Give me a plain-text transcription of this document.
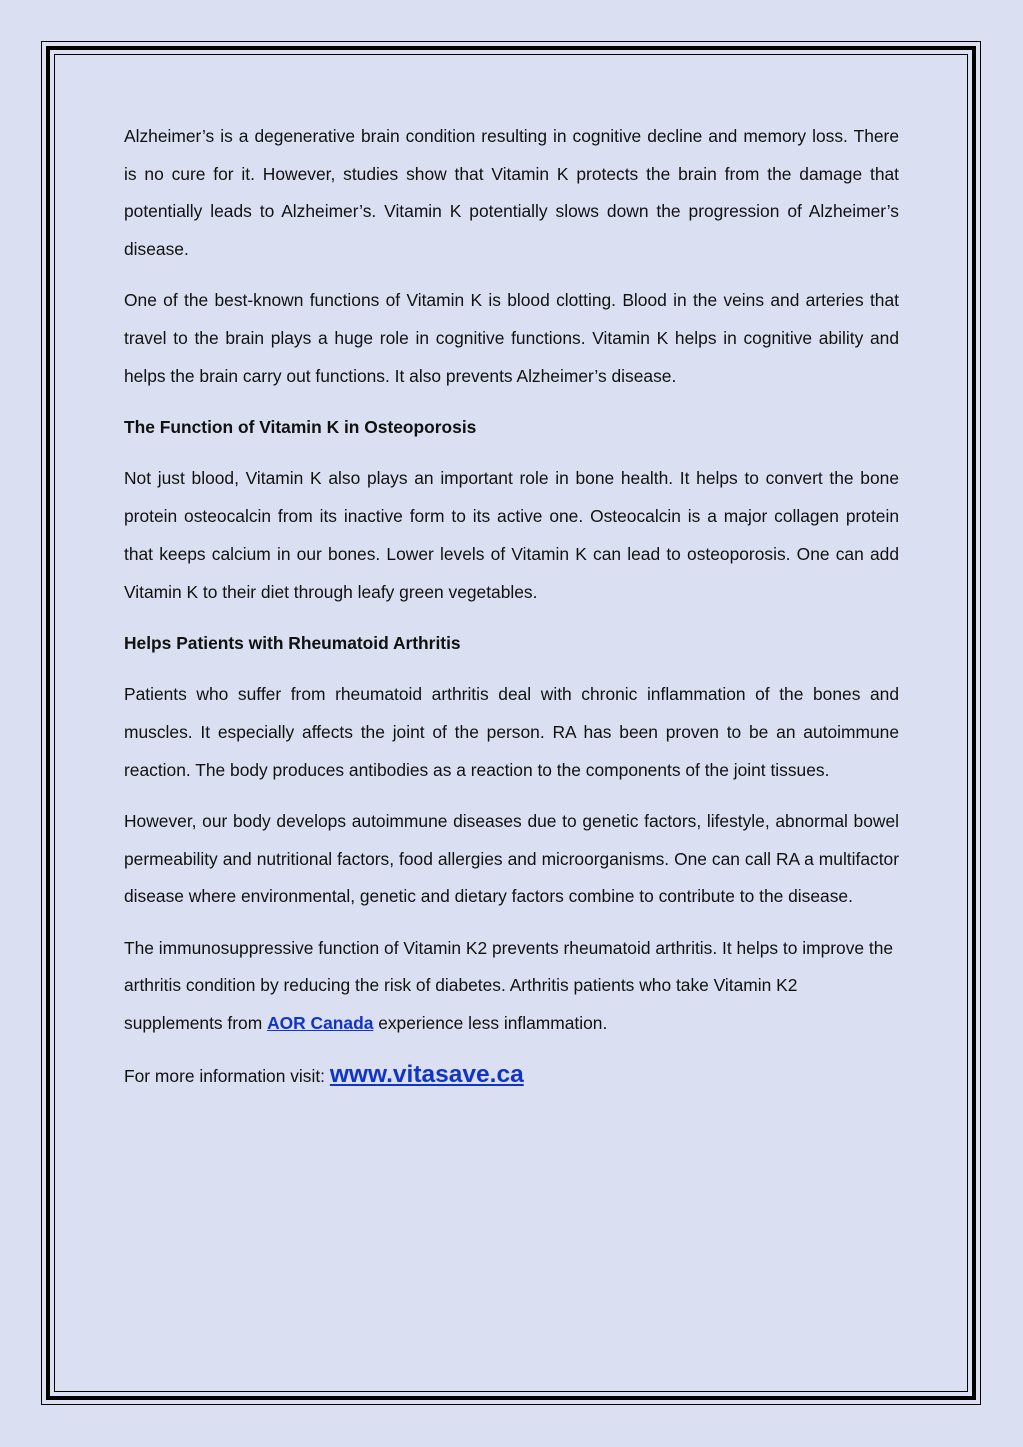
Alzheimer’s is a degenerative brain condition resulting in cognitive decline and memory loss. There is no cure for it. However, studies show that Vitamin K protects the brain from the damage that potentially leads to Alzheimer’s. Vitamin K potentially slows down the progression of Alzheimer’s disease.

One of the best-known functions of Vitamin K is blood clotting. Blood in the veins and arteries that travel to the brain plays a huge role in cognitive functions. Vitamin K helps in cognitive ability and helps the brain carry out functions. It also prevents Alzheimer’s disease.

The Function of Vitamin K in Osteoporosis

Not just blood, Vitamin K also plays an important role in bone health. It helps to convert the bone protein osteocalcin from its inactive form to its active one. Osteocalcin is a major collagen protein that keeps calcium in our bones. Lower levels of Vitamin K can lead to osteoporosis. One can add Vitamin K to their diet through leafy green vegetables.

Helps Patients with Rheumatoid Arthritis

Patients who suffer from rheumatoid arthritis deal with chronic inflammation of the bones and muscles. It especially affects the joint of the person. RA has been proven to be an autoimmune reaction. The body produces antibodies as a reaction to the components of the joint tissues.

However, our body develops autoimmune diseases due to genetic factors, lifestyle, abnormal bowel permeability and nutritional factors, food allergies and microorganisms. One can call RA a multifactor disease where environmental, genetic and dietary factors combine to contribute to the disease.

The immunosuppressive function of Vitamin K2 prevents rheumatoid arthritis. It helps to improve the arthritis condition by reducing the risk of diabetes. Arthritis patients who take Vitamin K2 supplements from AOR Canada experience less inflammation.

For more information visit: www.vitasave.ca
